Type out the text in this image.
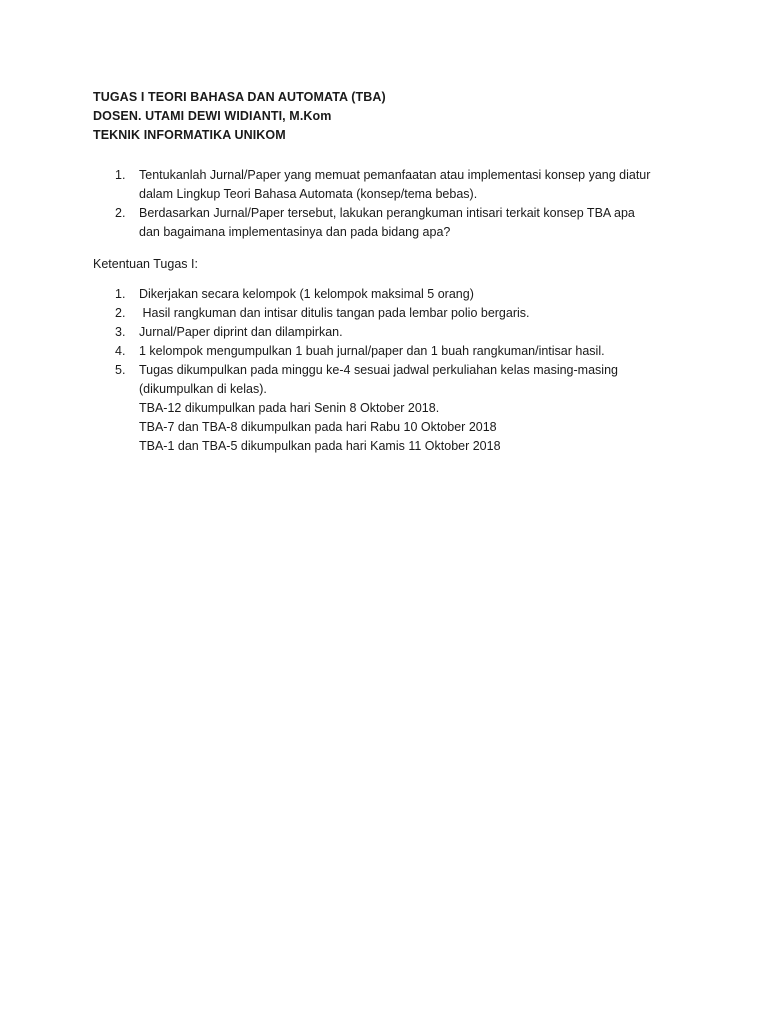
TUGAS I TEORI BAHASA DAN AUTOMATA (TBA)
DOSEN. UTAMI DEWI WIDIANTI, M.Kom
TEKNIK INFORMATIKA UNIKOM
1.	Tentukanlah Jurnal/Paper yang memuat pemanfaatan atau implementasi konsep yang diatur
dalam Lingkup Teori Bahasa Automata (konsep/tema bebas).
2.	Berdasarkan Jurnal/Paper tersebut, lakukan perangkuman intisari terkait konsep TBA apa
dan bagaimana implementasinya dan pada bidang apa?
Ketentuan Tugas I:
1.	Dikerjakan secara kelompok (1 kelompok maksimal 5 orang)
2.	Hasil rangkuman dan intisar ditulis tangan pada lembar polio bergaris.
3.	Jurnal/Paper diprint dan dilampirkan.
4.	1 kelompok mengumpulkan 1 buah jurnal/paper dan 1 buah rangkuman/intisar hasil.
5.	Tugas dikumpulkan pada minggu ke-4 sesuai jadwal perkuliahan kelas masing-masing
(dikumpulkan di kelas).
TBA-12 dikumpulkan pada hari Senin 8 Oktober 2018.
TBA-7 dan TBA-8 dikumpulkan pada hari Rabu 10 Oktober 2018
TBA-1 dan TBA-5 dikumpulkan pada hari Kamis 11 Oktober 2018
